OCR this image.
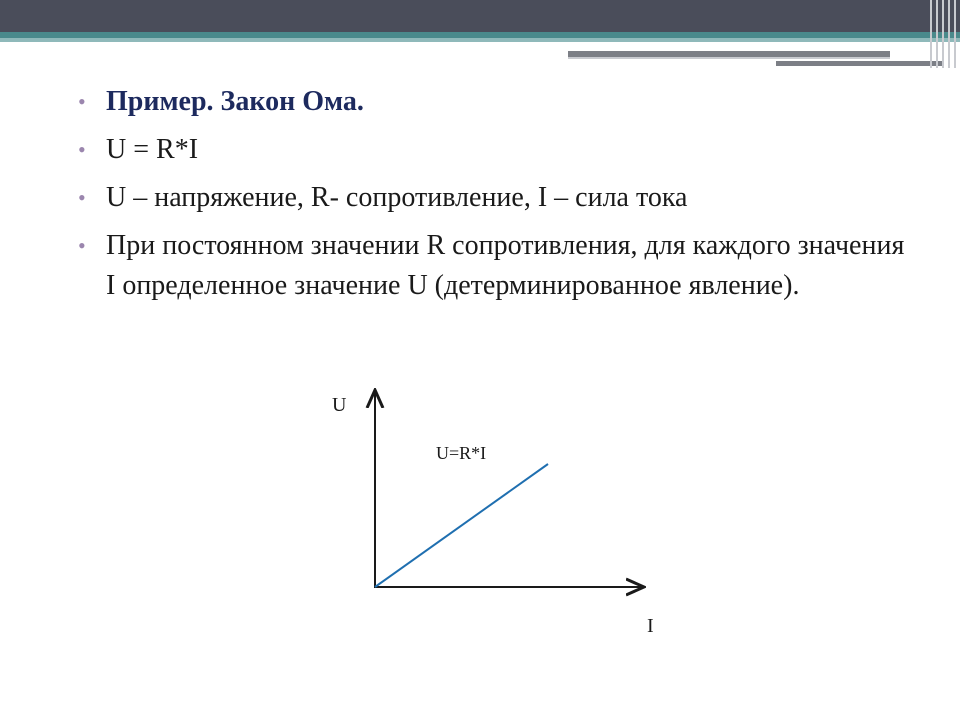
• Пример. Закон Ома.
• U = R*I
• U – напряжение, R- сопротивление, I – сила тока
• При постоянном значении R сопротивления, для каждого значения I определенное значение U (детерминированное явление).
U
I
U=R*I
